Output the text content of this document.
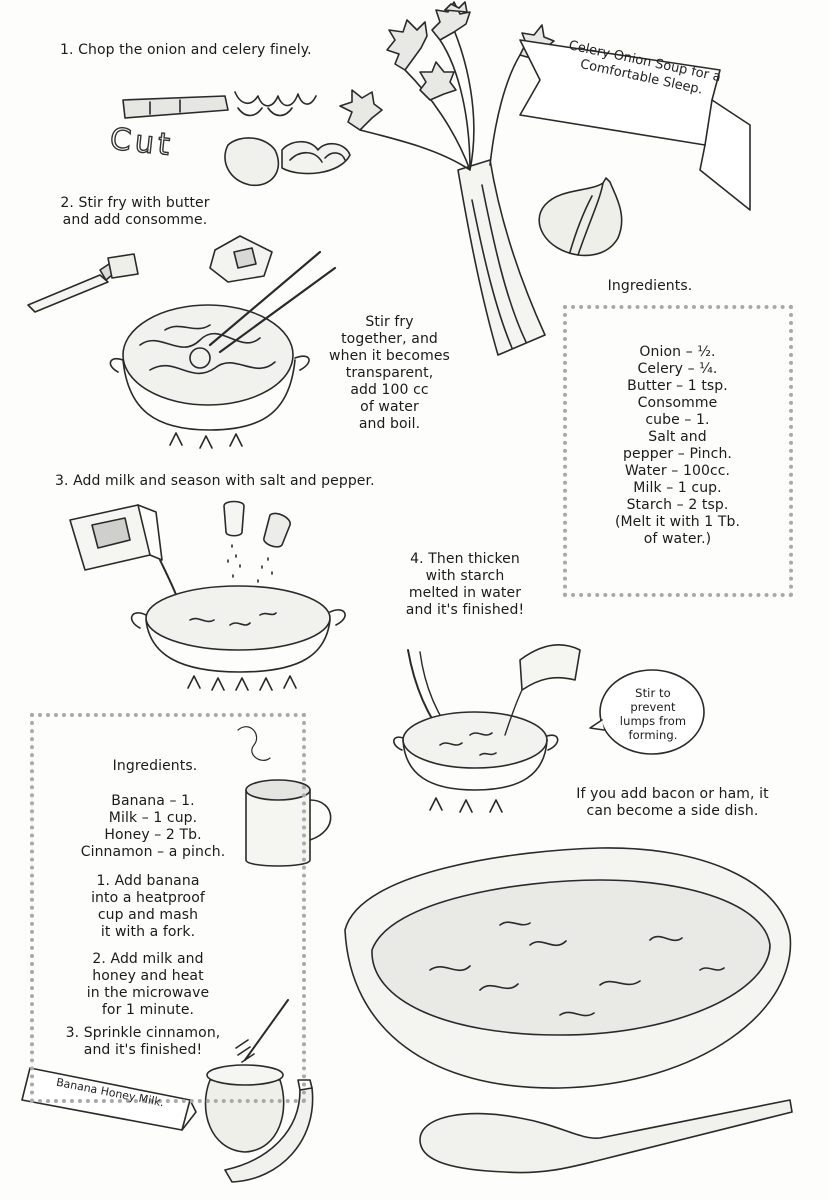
Celery Onion Soup for a
Comfortable Sleep.
1. Chop the onion and celery finely.
Cut
2. Stir fry with butter
and add consomme.
Stir fry
together, and
when it becomes
transparent,
add 100 cc
of water
and boil.
3. Add milk and season with salt and pepper.
4. Then thicken
with starch
melted in water
and it's finished!
Stir to
prevent
lumps from
forming.
If you add bacon or ham, it
can become a side dish.
Ingredients.
Onion – ½.
Celery – ¼.
Butter – 1 tsp.
Consomme
cube – 1.
Salt and
pepper – Pinch.
Water – 100cc.
Milk – 1 cup.
Starch – 2 tsp.
(Melt it with 1 Tb.
of water.)
Ingredients.
Banana – 1.
Milk – 1 cup.
Honey – 2 Tb.
Cinnamon – a pinch.
1. Add banana
into a heatproof
cup and mash
it with a fork.
2. Add milk and
honey and heat
in the microwave
for 1 minute.
3. Sprinkle cinnamon,
and it's finished!
Banana Honey Milk.
